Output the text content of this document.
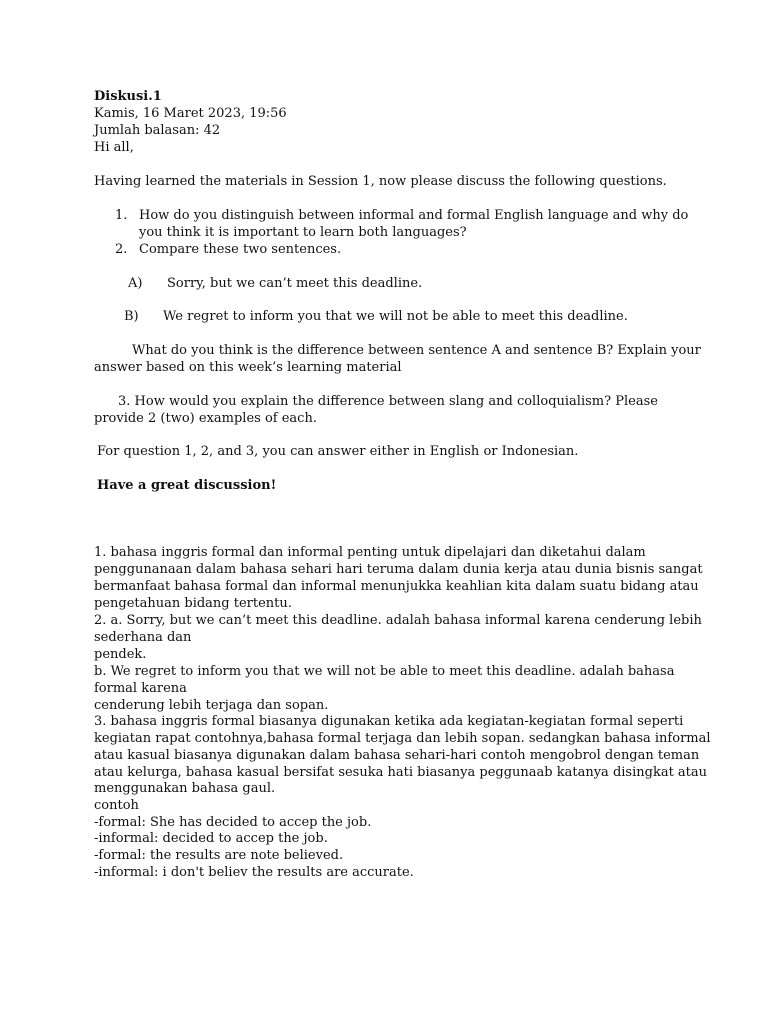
Diskusi.1
Kamis, 16 Maret 2023, 19:56
Jumlah balasan: 42
Hi all,
Having learned the materials in Session 1, now please discuss the following questions.
1. How do you distinguish between informal and formal English language and why do
you think it is important to learn both languages?
2. Compare these two sentences.
A) Sorry, but we can’t meet this deadline.
B) We regret to inform you that we will not be able to meet this deadline.
What do you think is the difference between sentence A and sentence B? Explain your
answer based on this week’s learning material
3. How would you explain the difference between slang and colloquialism? Please
provide 2 (two) examples of each.
For question 1, 2, and 3, you can answer either in English or Indonesian.
Have a great discussion!
1. bahasa inggris formal dan informal penting untuk dipelajari dan diketahui dalam
penggunanaan dalam bahasa sehari hari teruma dalam dunia kerja atau dunia bisnis sangat
bermanfaat bahasa formal dan informal menunjukka keahlian kita dalam suatu bidang atau
pengetahuan bidang tertentu.
2. a. Sorry, but we can’t meet this deadline. adalah bahasa informal karena cenderung lebih
sederhana dan
pendek.
b. We regret to inform you that we will not be able to meet this deadline. adalah bahasa
formal karena
cenderung lebih terjaga dan sopan.
3. bahasa inggris formal biasanya digunakan ketika ada kegiatan-kegiatan formal seperti
kegiatan rapat contohnya,bahasa formal terjaga dan lebih sopan. sedangkan bahasa informal
atau kasual biasanya digunakan dalam bahasa sehari-hari contoh mengobrol dengan teman
atau kelurga, bahasa kasual bersifat sesuka hati biasanya peggunaab katanya disingkat atau
menggunakan bahasa gaul.
contoh
-formal: She has decided to accep the job.
-informal: decided to accep the job.
-formal: the results are note believed.
-informal: i don't believ the results are accurate.
